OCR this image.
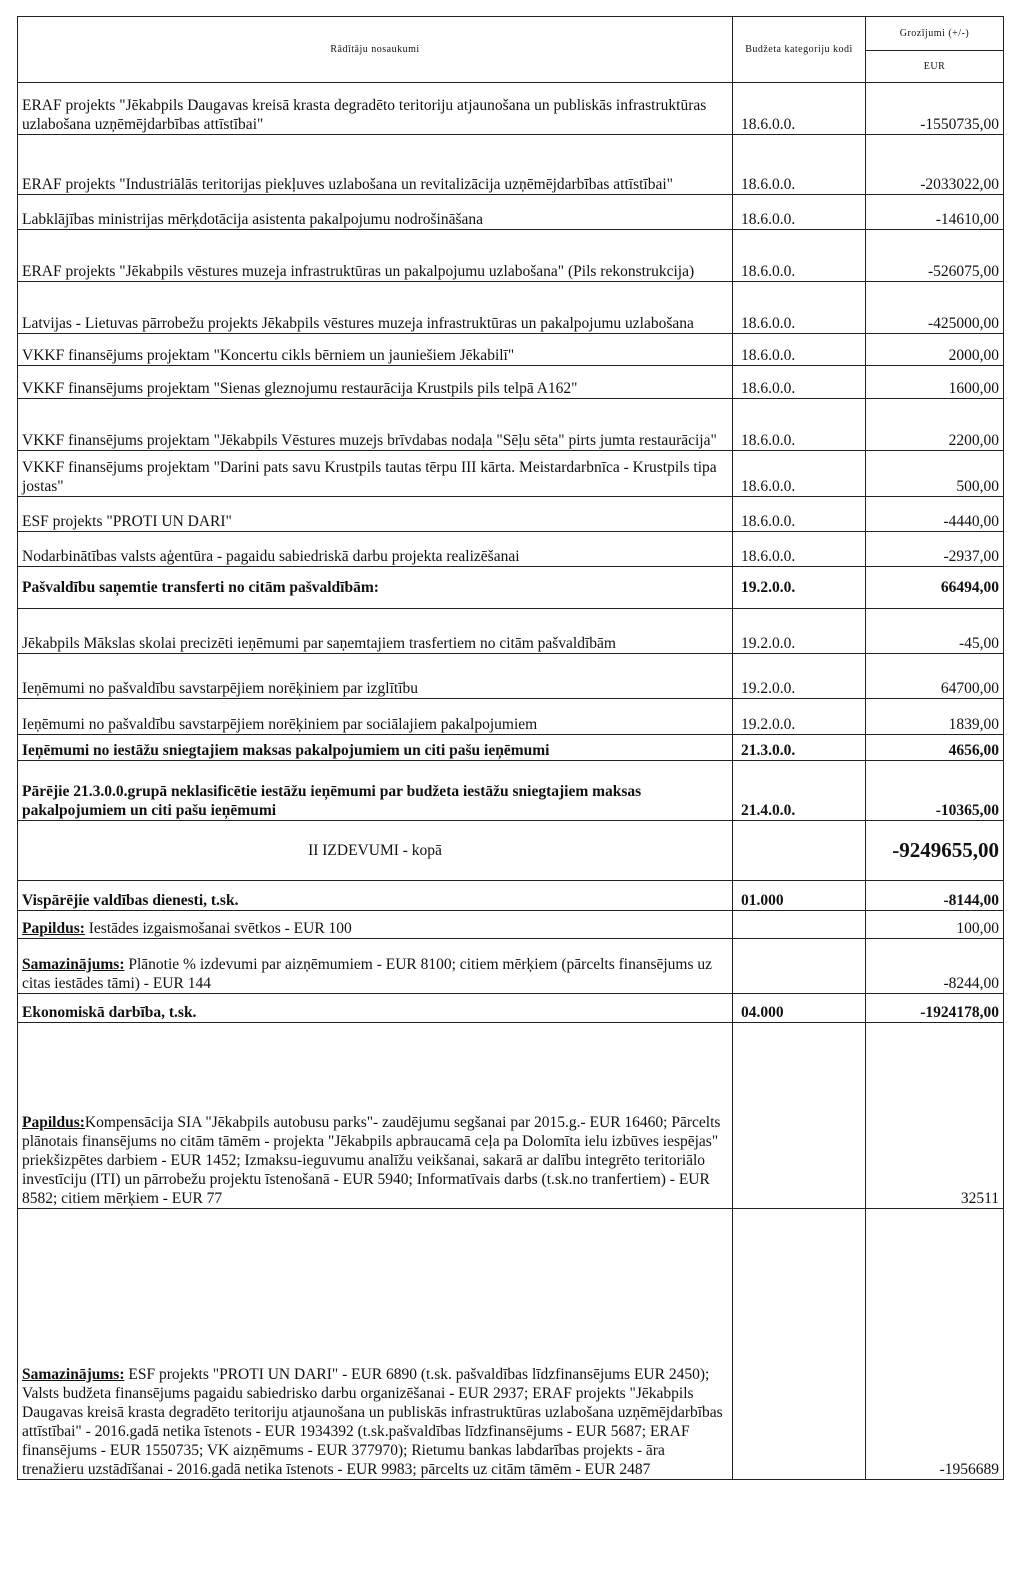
Rādītāju nosaukumi	Budžeta kategoriju kodi	Grozījumi (+/-)
		EUR
ERAF projekts "Jēkabpils Daugavas kreisā krasta degradēto teritoriju atjaunošana un publiskās infrastruktūras uzlabošana uzņēmējdarbības attīstībai"	18.6.0.0.	-1550735,00
ERAF projekts "Industriālās teritorijas piekļuves uzlabošana un revitalizācija uzņēmējdarbības attīstībai"	18.6.0.0.	-2033022,00
Labklājības ministrijas mērķdotācija asistenta pakalpojumu nodrošināšana	18.6.0.0.	-14610,00
ERAF projekts "Jēkabpils vēstures muzeja infrastruktūras un pakalpojumu uzlabošana" (Pils rekonstrukcija)	18.6.0.0.	-526075,00
Latvijas - Lietuvas pārrobežu projekts Jēkabpils vēstures muzeja infrastruktūras un pakalpojumu uzlabošana	18.6.0.0.	-425000,00
VKKF finansējums projektam "Koncertu cikls bērniem un jauniešiem Jēkabilī"	18.6.0.0.	2000,00
VKKF finansējums projektam "Sienas gleznojumu restaurācija Krustpils pils telpā A162"	18.6.0.0.	1600,00
VKKF finansējums projektam "Jēkabpils Vēstures muzejs brīvdabas nodaļa "Sēļu sēta" pirts jumta restaurācija"	18.6.0.0.	2200,00
VKKF finansējums projektam "Darini pats savu Krustpils tautas tērpu III kārta. Meistardarbnīca - Krustpils tipa jostas"	18.6.0.0.	500,00
ESF projekts "PROTI UN DARI"	18.6.0.0.	-4440,00
Nodarbinātības valsts aģentūra - pagaidu sabiedriskā darbu projekta realizēšanai	18.6.0.0.	-2937,00
Pašvaldību saņemtie transferti no citām pašvaldībām:	19.2.0.0.	66494,00
Jēkabpils Mākslas skolai precizēti ieņēmumi par saņemtajiem trasfertiem no citām pašvaldībām	19.2.0.0.	-45,00
Ieņēmumi no pašvaldību savstarpējiem norēķiniem par izglītību	19.2.0.0.	64700,00
Ieņēmumi no pašvaldību savstarpējiem norēķiniem par sociālajiem pakalpojumiem	19.2.0.0.	1839,00
Ieņēmumi no iestāžu sniegtajiem maksas pakalpojumiem un citi pašu ieņēmumi	21.3.0.0.	4656,00
Pārējie 21.3.0.0.grupā neklasificētie iestāžu ieņēmumi par budžeta iestāžu sniegtajiem maksas pakalpojumiem un citi pašu ieņēmumi	21.4.0.0.	-10365,00
II IZDEVUMI - kopā		-9249655,00
Vispārējie valdības dienesti, t.sk.	01.000	-8144,00
Papildus: Iestādes izgaismošanai svētkos - EUR 100		100,00
Samazinājums: Plānotie % izdevumi par aizņēmumiem - EUR 8100; citiem mērķiem (pārcelts finansējums uz citas iestādes tāmi) - EUR 144		-8244,00
Ekonomiskā darbība, t.sk.	04.000	-1924178,00
Papildus:Kompensācija SIA "Jēkabpils autobusu parks"- zaudējumu segšanai par 2015.g.- EUR 16460; Pārcelts plānotais finansējums no citām tāmēm - projekta "Jēkabpils apbraucamā ceļa pa Dolomīta ielu izbūves iespējas" priekšizpētes darbiem - EUR 1452; Izmaksu-ieguvumu analīžu veikšanai, sakarā ar dalību integrēto teritoriālo investīciju (ITI) un pārrobežu projektu īstenošanā - EUR 5940; Informatīvais darbs (t.sk.no tranfertiem) - EUR 8582; citiem mērķiem - EUR 77		32511
Samazinājums: ESF projekts "PROTI UN DARI" - EUR 6890 (t.sk. pašvaldības līdzfinansējums EUR 2450); Valsts budžeta finansējums pagaidu sabiedrisko darbu organizēšanai - EUR 2937; ERAF projekts "Jēkabpils Daugavas kreisā krasta degradēto teritoriju atjaunošana un publiskās infrastruktūras uzlabošana uzņēmējdarbības attīstībai" - 2016.gadā netika īstenots - EUR 1934392 (t.sk.pašvaldības līdzfinansējums - EUR 5687; ERAF finansējums - EUR 1550735; VK aizņēmums - EUR 377970); Rietumu bankas labdarības projekts - āra trenažieru uzstādīšanai - 2016.gadā netika īstenots - EUR 9983; pārcelts uz citām tāmēm - EUR 2487		-1956689
